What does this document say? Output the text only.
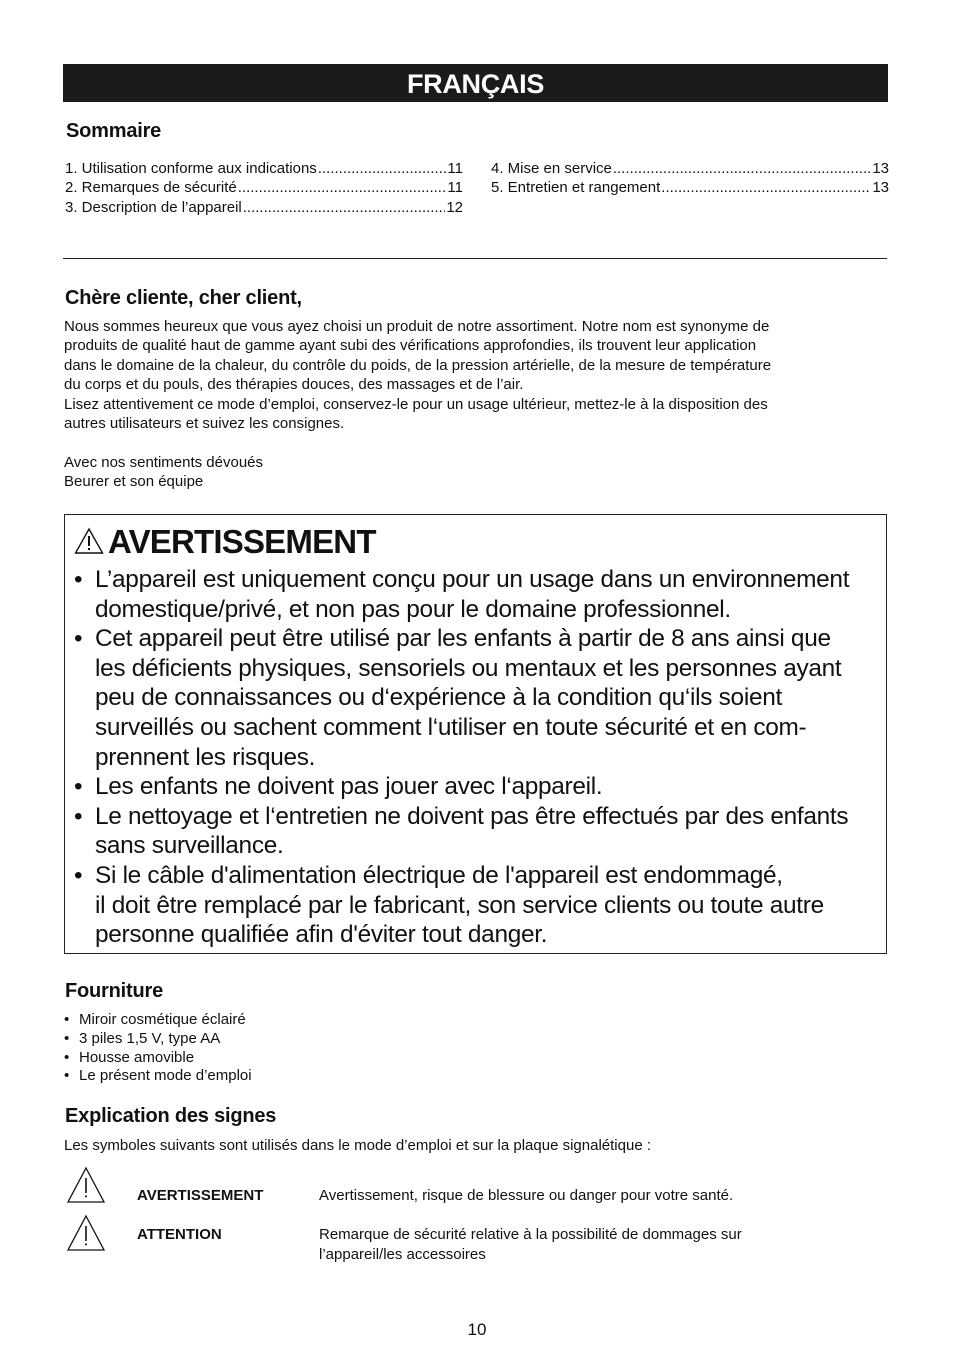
FRANÇAIS
Sommaire
1. Utilisation conforme aux indications .....	11
2. Remarques de sécurité .....	11
3. Description de l’appareil .....	12
4. Mise en service .....	13
5. Entretien et rangement .....	13
Chère cliente, cher client,
Nous sommes heureux que vous ayez choisi un produit de notre assortiment. Notre nom est synonyme de
produits de qualité haut de gamme ayant subi des vérifications approfondies, ils trouvent leur application
dans le domaine de la chaleur, du contrôle du poids, de la pression artérielle, de la mesure de température
du corps et du pouls, des thérapies douces, des massages et de l’air.
Lisez attentivement ce mode d’emploi, conservez-le pour un usage ultérieur, mettez-le à la disposition des
autres utilisateurs et suivez les consignes.
Avec nos sentiments dévoués
Beurer et son équipe
AVERTISSEMENT
• L’appareil est uniquement conçu pour un usage dans un environnement
domestique/privé, et non pas pour le domaine professionnel.
• Cet appareil peut être utilisé par les enfants à partir de 8 ans ainsi que
les déficients physiques, sensoriels ou mentaux et les personnes ayant
peu de connaissances ou d‘expérience à la condition qu‘ils soient
surveillés ou sachent comment l‘utiliser en toute sécurité et en com-
prennent les risques.
• Les enfants ne doivent pas jouer avec l‘appareil.
• Le nettoyage et l‘entretien ne doivent pas être effectués par des enfants
sans surveillance.
• Si le câble d'alimentation électrique de l'appareil est endommagé,
il doit être remplacé par le fabricant, son service clients ou toute autre
personne qualifiée afin d'éviter tout danger.
Fourniture
• Miroir cosmétique éclairé
• 3 piles 1,5 V, type AA
• Housse amovible
• Le présent mode d’emploi
Explication des signes
Les symboles suivants sont utilisés dans le mode d’emploi et sur la plaque signalétique :
AVERTISSEMENT	Avertissement, risque de blessure ou danger pour votre santé.
ATTENTION	Remarque de sécurité relative à la possibilité de dommages sur
l’appareil/les accessoires
10
